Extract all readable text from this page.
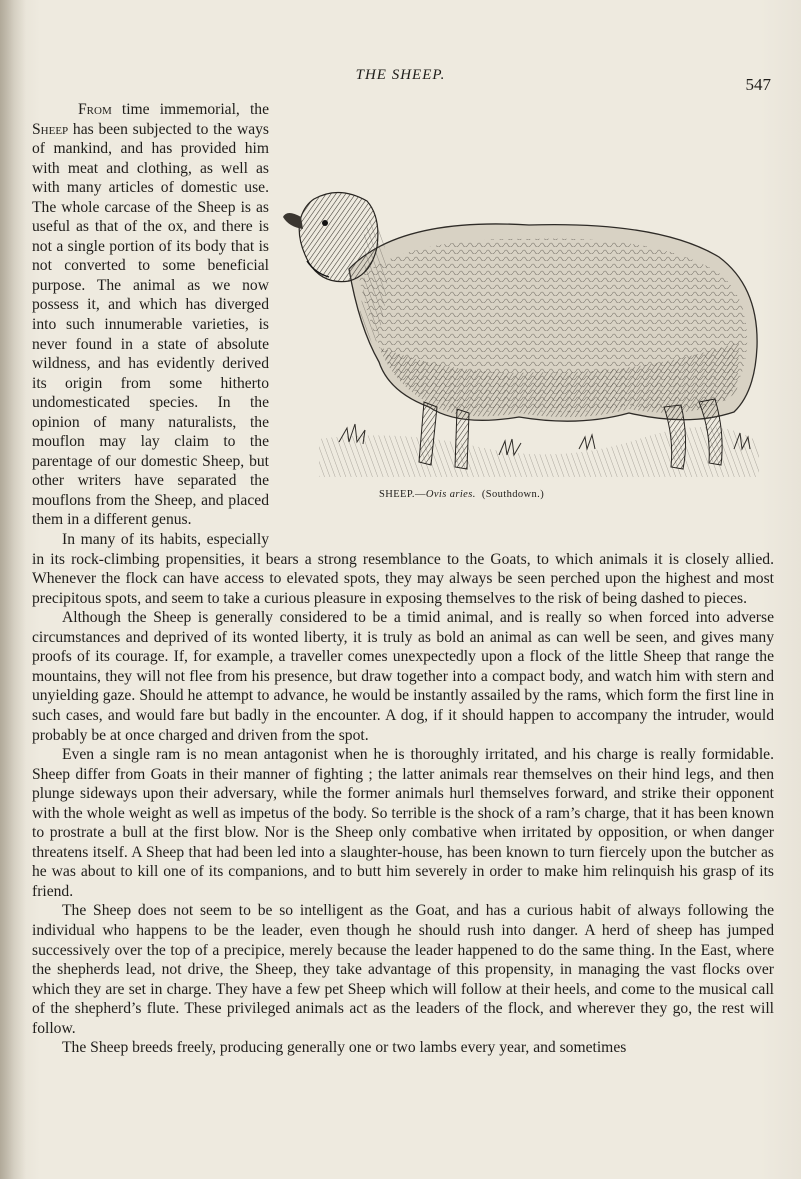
THE SHEEP.	547
SHEEP.—Ovis aries. (Southdown.)

From time immemorial, the Sheep has been subjected to the ways of mankind, and has provided him with meat and clothing, as well as with many articles of domestic use. The whole carcase of the Sheep is as useful as that of the ox, and there is not a single portion of its body that is not converted to some beneficial purpose. The animal as we now possess it, and which has diverged into such innumerable varieties, is never found in a state of absolute wildness, and has evidently derived its origin from some hitherto undomesticated species. In the opinion of many naturalists, the mouflon may lay claim to the parentage of our domestic Sheep, but other writers have separated the mouflons from the Sheep, and placed them in a different genus.

In many of its habits, especially in its rock-climbing propensities, it bears a strong resemblance to the Goats, to which animals it is closely allied. Whenever the flock can have access to elevated spots, they may always be seen perched upon the highest and most precipitous spots, and seem to take a curious pleasure in exposing themselves to the risk of being dashed to pieces.

Although the Sheep is generally considered to be a timid animal, and is really so when forced into adverse circumstances and deprived of its wonted liberty, it is truly as bold an animal as can well be seen, and gives many proofs of its courage. If, for example, a traveller comes unexpectedly upon a flock of the little Sheep that range the mountains, they will not flee from his presence, but draw together into a compact body, and watch him with stern and unyielding gaze. Should he attempt to advance, he would be instantly assailed by the rams, which form the first line in such cases, and would fare but badly in the encounter. A dog, if it should happen to accompany the intruder, would probably be at once charged and driven from the spot.

Even a single ram is no mean antagonist when he is thoroughly irritated, and his charge is really formidable. Sheep differ from Goats in their manner of fighting ; the latter animals rear themselves on their hind legs, and then plunge sideways upon their adversary, while the former animals hurl themselves forward, and strike their opponent with the whole weight as well as impetus of the body. So terrible is the shock of a ram’s charge, that it has been known to prostrate a bull at the first blow. Nor is the Sheep only combative when irritated by opposition, or when danger threatens itself. A Sheep that had been led into a slaughter-house, has been known to turn fiercely upon the butcher as he was about to kill one of its companions, and to butt him severely in order to make him relinquish his grasp of its friend.

The Sheep does not seem to be so intelligent as the Goat, and has a curious habit of always following the individual who happens to be the leader, even though he should rush into danger. A herd of sheep has jumped successively over the top of a precipice, merely because the leader happened to do the same thing. In the East, where the shepherds lead, not drive, the Sheep, they take advantage of this propensity, in managing the vast flocks over which they are set in charge. They have a few pet Sheep which will follow at their heels, and come to the musical call of the shepherd’s flute. These privileged animals act as the leaders of the flock, and wherever they go, the rest will follow.

The Sheep breeds freely, producing generally one or two lambs every year, and sometimes
